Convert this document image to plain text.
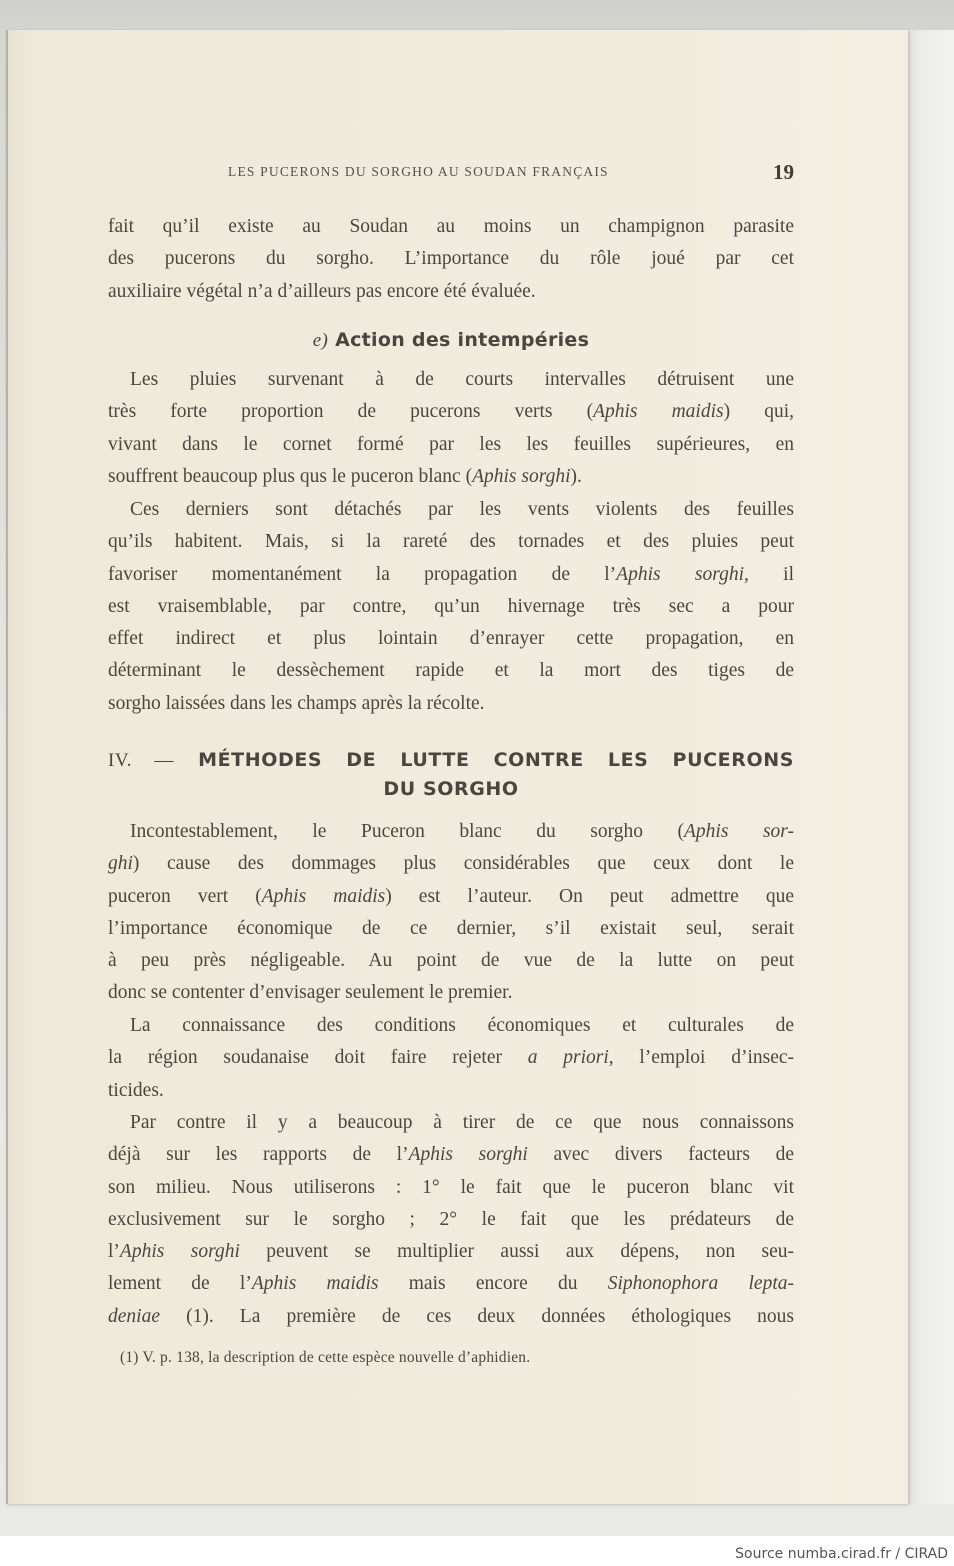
LES PUCERONS DU SORGHO AU SOUDAN FRANÇAIS	19
fait qu’il existe au Soudan au moins un champignon parasite
des pucerons du sorgho. L’importance du rôle joué par cet
auxiliaire végétal n’a d’ailleurs pas encore été évaluée.
e) Action des intempéries
Les pluies survenant à de courts intervalles détruisent une
très forte proportion de pucerons verts (Aphis maidis) qui,
vivant dans le cornet formé par les les feuilles supérieures, en
souffrent beaucoup plus qus le puceron blanc (Aphis sorghi).
Ces derniers sont détachés par les vents violents des feuilles
qu’ils habitent. Mais, si la rareté des tornades et des pluies peut
favoriser momentanément la propagation de l’Aphis sorghi, il
est vraisemblable, par contre, qu’un hivernage très sec a pour
effet indirect et plus lointain d’enrayer cette propagation, en
déterminant le dessèchement rapide et la mort des tiges de
sorgho laissées dans les champs après la récolte.
IV. — MÉTHODES DE LUTTE CONTRE LES PUCERONS
DU SORGHO
Incontestablement, le Puceron blanc du sorgho (Aphis sor-
ghi) cause des dommages plus considérables que ceux dont le
puceron vert (Aphis maidis) est l’auteur. On peut admettre que
l’importance économique de ce dernier, s’il existait seul, serait
à peu près négligeable. Au point de vue de la lutte on peut
donc se contenter d’envisager seulement le premier.
La connaissance des conditions économiques et culturales de
la région soudanaise doit faire rejeter a priori, l’emploi d’insec-
ticides.
Par contre il y a beaucoup à tirer de ce que nous connaissons
déjà sur les rapports de l’Aphis sorghi avec divers facteurs de
son milieu. Nous utiliserons : 1° le fait que le puceron blanc vit
exclusivement sur le sorgho ; 2° le fait que les prédateurs de
l’Aphis sorghi peuvent se multiplier aussi aux dépens, non seu-
lement de l’Aphis maidis mais encore du Siphonophora lepta-
deniae (1). La première de ces deux données éthologiques nous
(1) V. p. 138, la description de cette espèce nouvelle d’aphidien.
Source numba.cirad.fr / CIRAD
